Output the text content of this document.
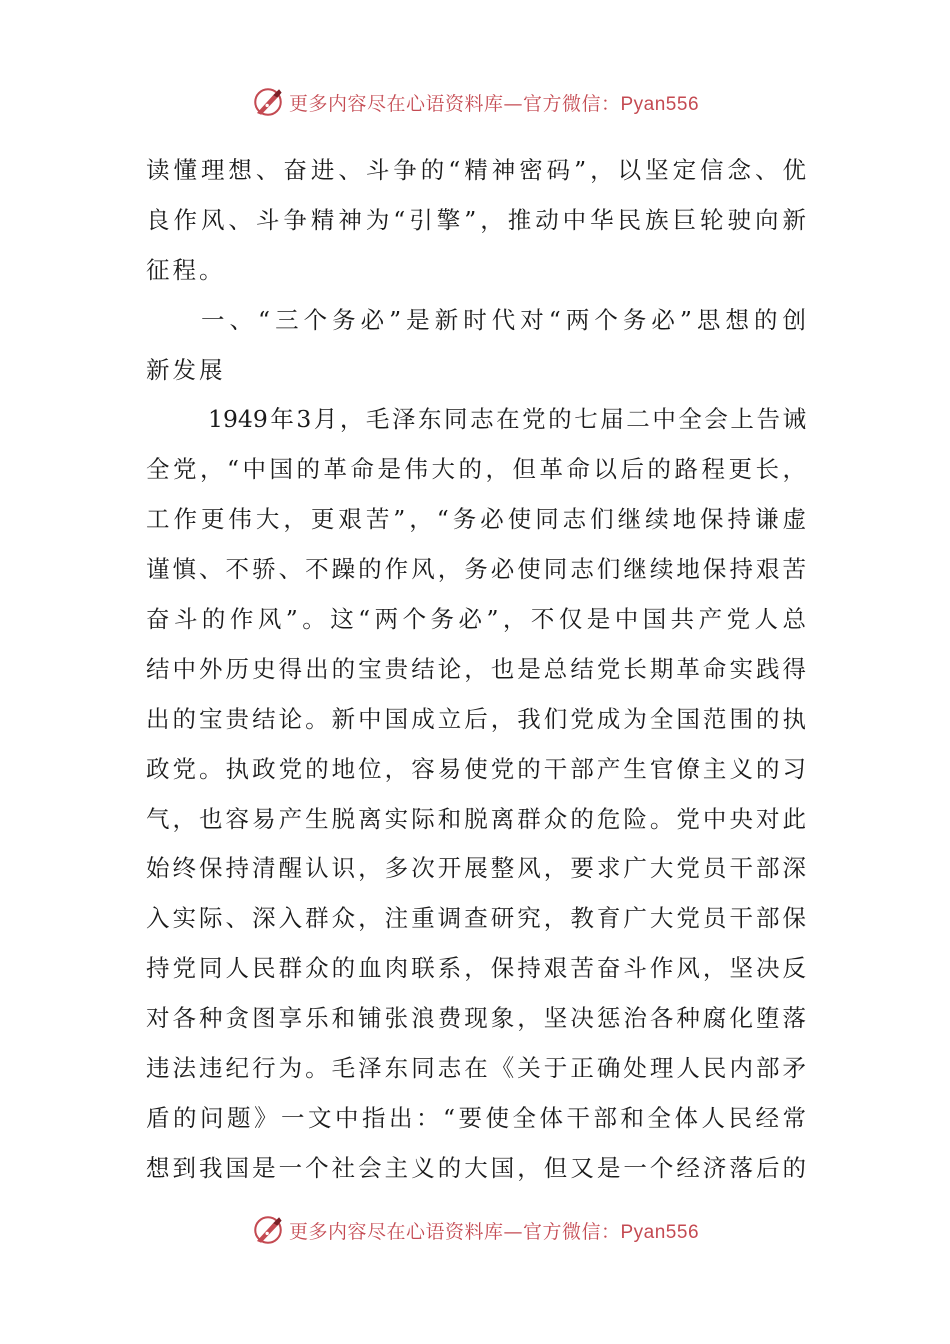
更多内容尽在心语资料库—官方微信：Pyan556
读懂理想、奋进、斗争的“精神密码”，以坚定信念、优
良作风、斗争精神为“引擎”，推动中华民族巨轮驶向新
征程。
一、“三个务必”是新时代对“两个务必”思想的创
新发展
1949年3月，毛泽东同志在党的七届二中全会上告诫
全党，“中国的革命是伟大的，但革命以后的路程更长，
工作更伟大，更艰苦”，“务必使同志们继续地保持谦虚
谨慎、不骄、不躁的作风，务必使同志们继续地保持艰苦
奋斗的作风”。这“两个务必”，不仅是中国共产党人总
结中外历史得出的宝贵结论，也是总结党长期革命实践得
出的宝贵结论。新中国成立后，我们党成为全国范围的执
政党。执政党的地位，容易使党的干部产生官僚主义的习
气，也容易产生脱离实际和脱离群众的危险。党中央对此
始终保持清醒认识，多次开展整风，要求广大党员干部深
入实际、深入群众，注重调查研究，教育广大党员干部保
持党同人民群众的血肉联系，保持艰苦奋斗作风，坚决反
对各种贪图享乐和铺张浪费现象，坚决惩治各种腐化堕落
违法违纪行为。毛泽东同志在《关于正确处理人民内部矛
盾的问题》一文中指出：“要使全体干部和全体人民经常
想到我国是一个社会主义的大国，但又是一个经济落后的
更多内容尽在心语资料库—官方微信：Pyan556
